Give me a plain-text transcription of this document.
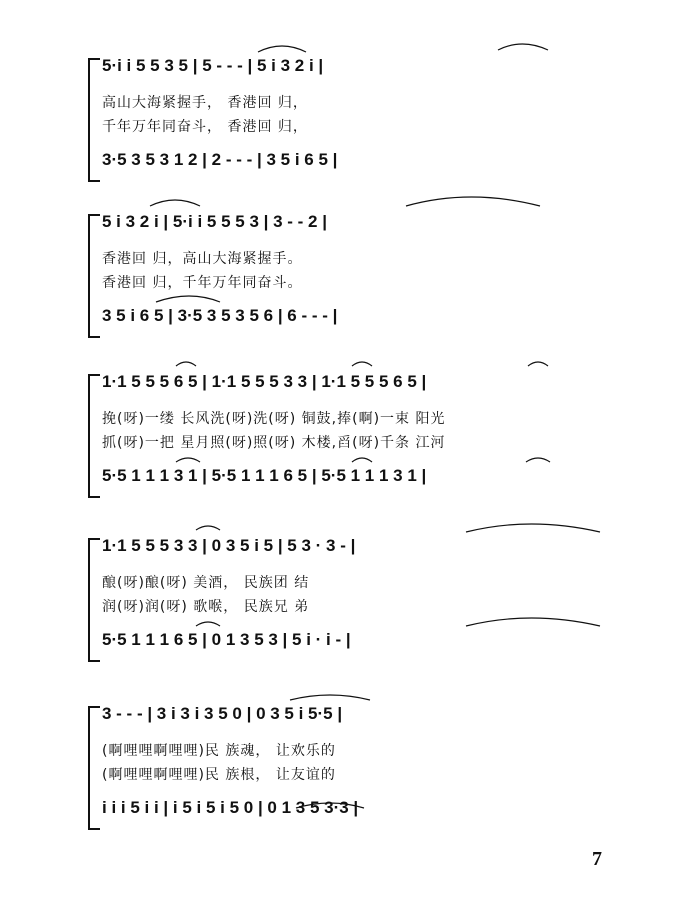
5·i i 5 5 3 5 | 5 - - - | 5 i 3 2 i |
高山大海紧握手， 香港回 归，
千年万年同奋斗， 香港回 归，
3·5 3 5 3 1 2 | 2 - - - | 3 5 i 6 5 |
5 i 3 2 i | 5·i i 5 5 5 3 | 3 - - 2 |
香港回 归，高山大海紧握手。
香港回 归，千年万年同奋斗。
3 5 i 6 5 | 3·5 3 5 3 5 6 | 6 - - - |
1·1 5 5 5 6 5 | 1·1 5 5 5 3 3 | 1·1 5 5 5 6 5 |
挽(呀)一缕 长风洗(呀)洗(呀) 铜鼓,捧(啊)一束 阳光
抓(呀)一把 星月照(呀)照(呀) 木楼,舀(呀)千条 江河
5·5 1 1 1 3 1 | 5·5 1 1 1 6 5 | 5·5 1 1 1 3 1 |
1·1 5 5 5 3 3 | 0 3 5 i 5 | 5 3 · 3 - |
酿(呀)酿(呀) 美酒， 民族团 结
润(呀)润(呀) 歌喉， 民族兄 弟
5·5 1 1 1 6 5 | 0 1 3 5 3 | 5 i · i - |
3 - - - | 3 i 3 i 3 5 0 | 0 3 5 i 5·5 |
(啊哩哩啊哩哩)民 族魂， 让欢乐的
(啊哩哩啊哩哩)民 族根， 让友谊的
i i i 5 i i | i 5 i 5 i 5 0 | 0 1 3 5 3·3 |
7
